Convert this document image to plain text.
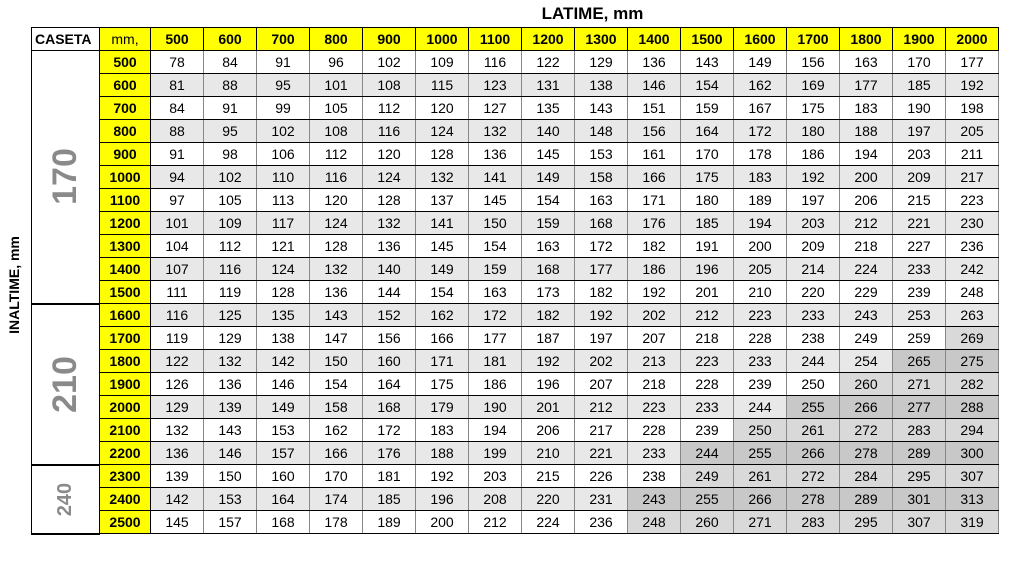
LATIME, mm
INALTIME, mm
CASETA	mm,	500	600	700	800	900	1000	1100	1200	1300	1400	1500	1600	1700	1800	1900	2000
170	500	78	84	91	96	102	109	116	122	129	136	143	149	156	163	170	177
	600	81	88	95	101	108	115	123	131	138	146	154	162	169	177	185	192
	700	84	91	99	105	112	120	127	135	143	151	159	167	175	183	190	198
	800	88	95	102	108	116	124	132	140	148	156	164	172	180	188	197	205
	900	91	98	106	112	120	128	136	145	153	161	170	178	186	194	203	211
	1000	94	102	110	116	124	132	141	149	158	166	175	183	192	200	209	217
	1100	97	105	113	120	128	137	145	154	163	171	180	189	197	206	215	223
	1200	101	109	117	124	132	141	150	159	168	176	185	194	203	212	221	230
	1300	104	112	121	128	136	145	154	163	172	182	191	200	209	218	227	236
	1400	107	116	124	132	140	149	159	168	177	186	196	205	214	224	233	242
	1500	111	119	128	136	144	154	163	173	182	192	201	210	220	229	239	248
210	1600	116	125	135	143	152	162	172	182	192	202	212	223	233	243	253	263
	1700	119	129	138	147	156	166	177	187	197	207	218	228	238	249	259	269
	1800	122	132	142	150	160	171	181	192	202	213	223	233	244	254	265	275
	1900	126	136	146	154	164	175	186	196	207	218	228	239	250	260	271	282
	2000	129	139	149	158	168	179	190	201	212	223	233	244	255	266	277	288
	2100	132	143	153	162	172	183	194	206	217	228	239	250	261	272	283	294
	2200	136	146	157	166	176	188	199	210	221	233	244	255	266	278	289	300
240	2300	139	150	160	170	181	192	203	215	226	238	249	261	272	284	295	307
	2400	142	153	164	174	185	196	208	220	231	243	255	266	278	289	301	313
	2500	145	157	168	178	189	200	212	224	236	248	260	271	283	295	307	319
